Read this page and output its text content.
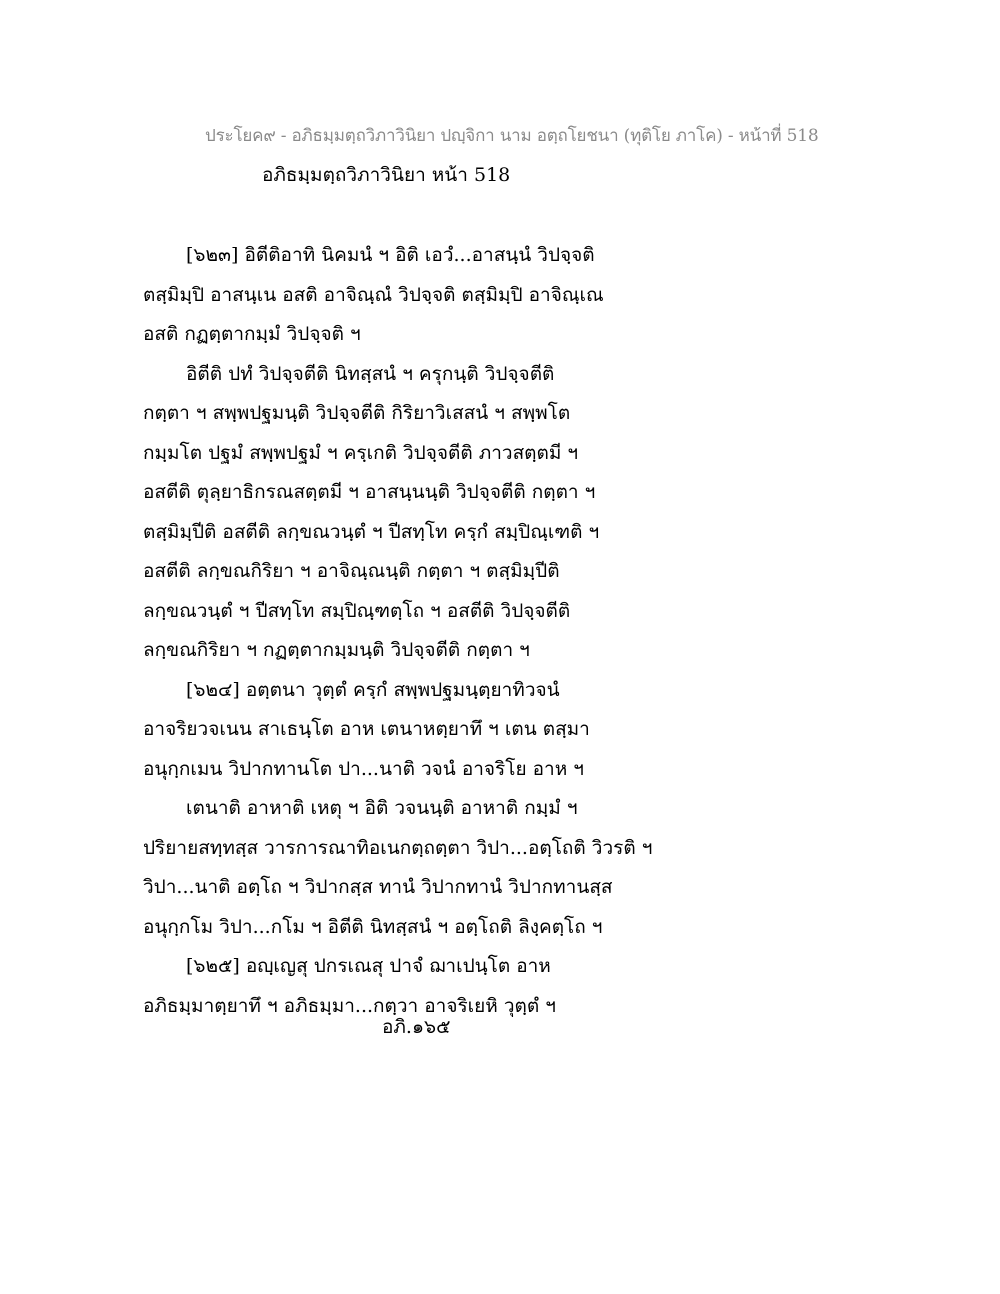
ประโยค๙ - อภิธมฺมตฺถวิภาวินิยา ปญฺจิกา นาม อตฺถโยชนา (ทุติโย ภาโค) - หน้าที่ 518
อภิธมฺมตฺถวิภาวินิยา หน้า 518
[๖๒๓] อิตีติอาทิ นิคมนํ ฯ อิติ เอวํ...อาสนฺนํ วิปจฺจติ
ตสฺมิมฺปิ อาสนฺเน อสติ อาจิณฺณํ วิปจฺจติ ตสฺมิมฺปิ อาจิณฺเณ
อสติ กฏตฺตากมฺมํ วิปจฺจติ ฯ
อิตีติ ปทํ วิปจฺจตีติ นิทสฺสนํ ฯ ครุกนฺติ วิปจฺจตีติ
กตฺตา ฯ สพฺพปฐมนฺติ วิปจฺจตีติ กิริยาวิเสสนํ ฯ สพฺพโต
กมฺมโต ปฐมํ สพฺพปฐมํ ฯ ครฺเกติ วิปจฺจตีติ ภาวสตฺตมี ฯ
อสตีติ ตุลฺยาธิกรณสตฺตมี ฯ อาสนฺนนฺติ วิปจฺจตีติ กตฺตา ฯ
ตสฺมิมฺปีติ อสตีติ ลกฺขณวนฺตํ ฯ ปีสทฺโท ครฺกํ สมฺปิณฺเฑติ ฯ
อสตีติ ลกฺขณกิริยา ฯ อาจิณฺณนฺติ กตฺตา ฯ ตสฺมิมฺปีติ
ลกฺขณวนฺตํ ฯ ปีสทฺโท สมฺปิณฺฑตฺโถ ฯ อสตีติ วิปจฺจตีติ
ลกฺขณกิริยา ฯ กฏตฺตากมฺมนฺติ วิปจฺจตีติ กตฺตา ฯ
[๖๒๔] อตฺตนา วุตฺตํ ครฺกํ สพฺพปฐมนฺตฺยาทิวจนํ
อาจริยวจเนน สาเธนฺโต อาห เตนาหตฺยาทึ ฯ เตน ตสฺมา
อนุกฺกเมน วิปากทานโต ปา...นาติ วจนํ อาจริโย อาห ฯ
เตนาติ อาหาติ เหตุ ฯ อิติ วจนนฺติ อาหาติ กมฺมํ ฯ
ปริยายสทฺทสฺส วารการณาทิอเนกตฺถตฺตา วิปา...อตฺโถติ วิวรติ ฯ
วิปา...นาติ อตฺโถ ฯ วิปากสฺส ทานํ วิปากทานํ วิปากทานสฺส
อนุกฺกโม วิปา...กโม ฯ อิตีติ นิทสฺสนํ ฯ อตฺโถติ ลิงฺคตฺโถ ฯ
[๖๒๕] อญฺเญสุ ปกรเณสุ ปาจํ ฌาเปนฺโต อาห
อภิธมฺมาตฺยาทึ ฯ อภิธมฺมา...กตฺวา อาจริเยหิ วุตฺตํ ฯ
อภิ.๑๖๕
